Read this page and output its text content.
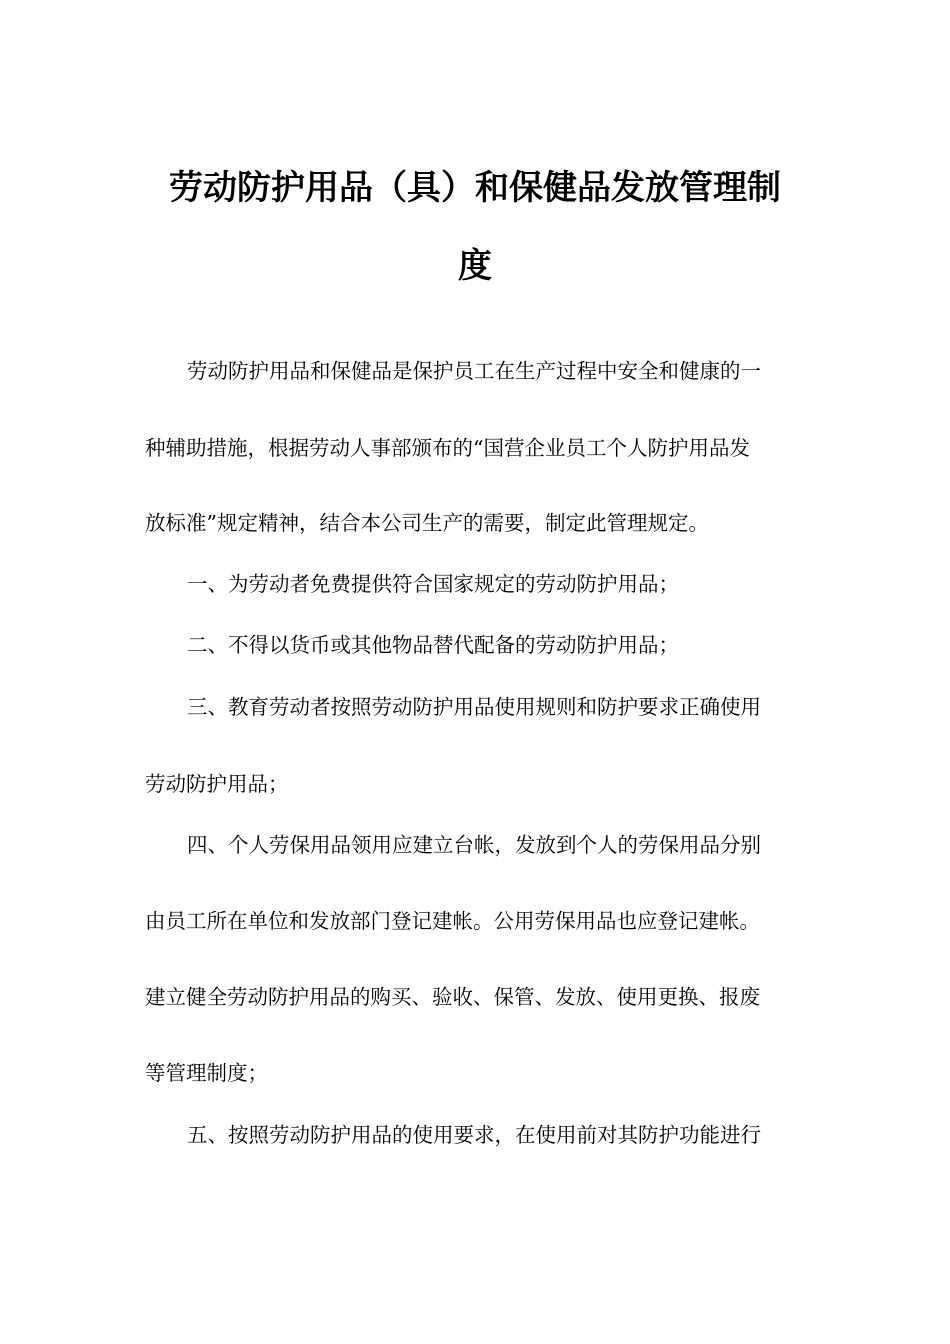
劳动防护用品（具）和保健品发放管理制
度
劳动防护用品和保健品是保护员工在生产过程中安全和健康的一
种辅助措施，根据劳动人事部颁布的“国营企业员工个人防护用品发
放标准”规定精神，结合本公司生产的需要，制定此管理规定。
一、为劳动者免费提供符合国家规定的劳动防护用品；
二、不得以货币或其他物品替代配备的劳动防护用品；
三、教育劳动者按照劳动防护用品使用规则和防护要求正确使用
劳动防护用品；
四、个人劳保用品领用应建立台帐，发放到个人的劳保用品分别
由员工所在单位和发放部门登记建帐。公用劳保用品也应登记建帐。
建立健全劳动防护用品的购买、验收、保管、发放、使用更换、报废
等管理制度；
五、按照劳动防护用品的使用要求，在使用前对其防护功能进行
